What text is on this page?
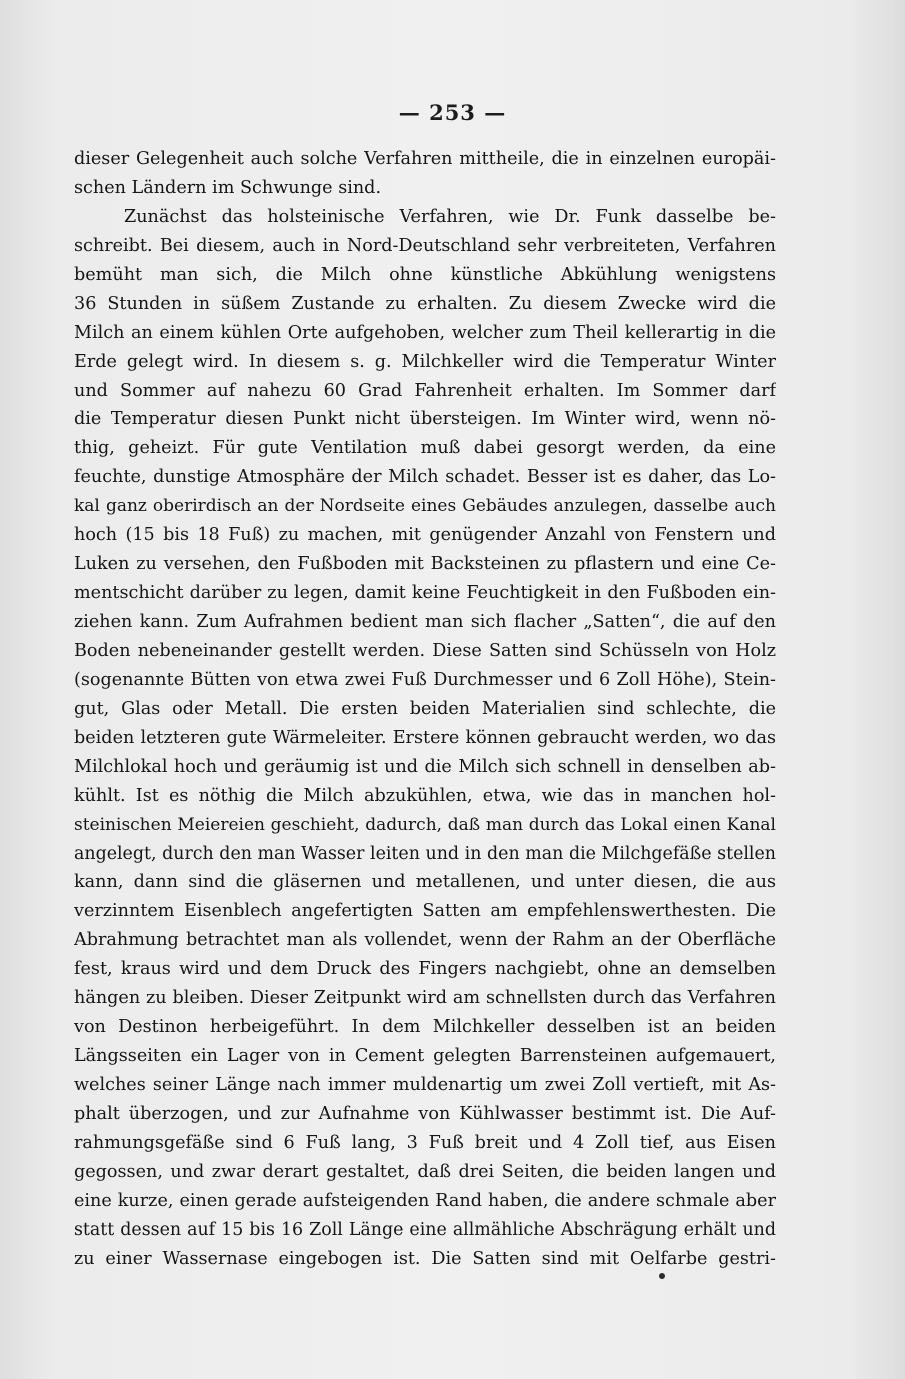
— 253 —
dieser Gelegenheit auch solche Verfahren mittheile, die in einzelnen europäi-
schen Ländern im Schwunge sind.
Zunächst das holsteinische Verfahren, wie Dr. Funk dasselbe be-
schreibt. Bei diesem, auch in Nord-Deutschland sehr verbreiteten, Verfahren
bemüht man sich, die Milch ohne künstliche Abkühlung wenigstens
36 Stunden in süßem Zustande zu erhalten. Zu diesem Zwecke wird die
Milch an einem kühlen Orte aufgehoben, welcher zum Theil kellerartig in die
Erde gelegt wird. In diesem s. g. Milchkeller wird die Temperatur Winter
und Sommer auf nahezu 60 Grad Fahrenheit erhalten. Im Sommer darf
die Temperatur diesen Punkt nicht übersteigen. Im Winter wird, wenn nö-
thig, geheizt. Für gute Ventilation muß dabei gesorgt werden, da eine
feuchte, dunstige Atmosphäre der Milch schadet. Besser ist es daher, das Lo-
kal ganz oberirdisch an der Nordseite eines Gebäudes anzulegen, dasselbe auch
hoch (15 bis 18 Fuß) zu machen, mit genügender Anzahl von Fenstern und
Luken zu versehen, den Fußboden mit Backsteinen zu pflastern und eine Ce-
mentschicht darüber zu legen, damit keine Feuchtigkeit in den Fußboden ein-
ziehen kann. Zum Aufrahmen bedient man sich flacher „Satten“, die auf den
Boden nebeneinander gestellt werden. Diese Satten sind Schüsseln von Holz
(sogenannte Bütten von etwa zwei Fuß Durchmesser und 6 Zoll Höhe), Stein-
gut, Glas oder Metall. Die ersten beiden Materialien sind schlechte, die
beiden letzteren gute Wärmeleiter. Erstere können gebraucht werden, wo das
Milchlokal hoch und geräumig ist und die Milch sich schnell in denselben ab-
kühlt. Ist es nöthig die Milch abzukühlen, etwa, wie das in manchen hol-
steinischen Meiereien geschieht, dadurch, daß man durch das Lokal einen Kanal
angelegt, durch den man Wasser leiten und in den man die Milchgefäße stellen
kann, dann sind die gläsernen und metallenen, und unter diesen, die aus
verzinntem Eisenblech angefertigten Satten am empfehlenswerthesten. Die
Abrahmung betrachtet man als vollendet, wenn der Rahm an der Oberfläche
fest, kraus wird und dem Druck des Fingers nachgiebt, ohne an demselben
hängen zu bleiben. Dieser Zeitpunkt wird am schnellsten durch das Verfahren
von Destinon herbeigeführt. In dem Milchkeller desselben ist an beiden
Längsseiten ein Lager von in Cement gelegten Barrensteinen aufgemauert,
welches seiner Länge nach immer muldenartig um zwei Zoll vertieft, mit As-
phalt überzogen, und zur Aufnahme von Kühlwasser bestimmt ist. Die Auf-
rahmungsgefäße sind 6 Fuß lang, 3 Fuß breit und 4 Zoll tief, aus Eisen
gegossen, und zwar derart gestaltet, daß drei Seiten, die beiden langen und
eine kurze, einen gerade aufsteigenden Rand haben, die andere schmale aber
statt dessen auf 15 bis 16 Zoll Länge eine allmähliche Abschrägung erhält und
zu einer Wassernase eingebogen ist. Die Satten sind mit Oelfarbe gestri-
